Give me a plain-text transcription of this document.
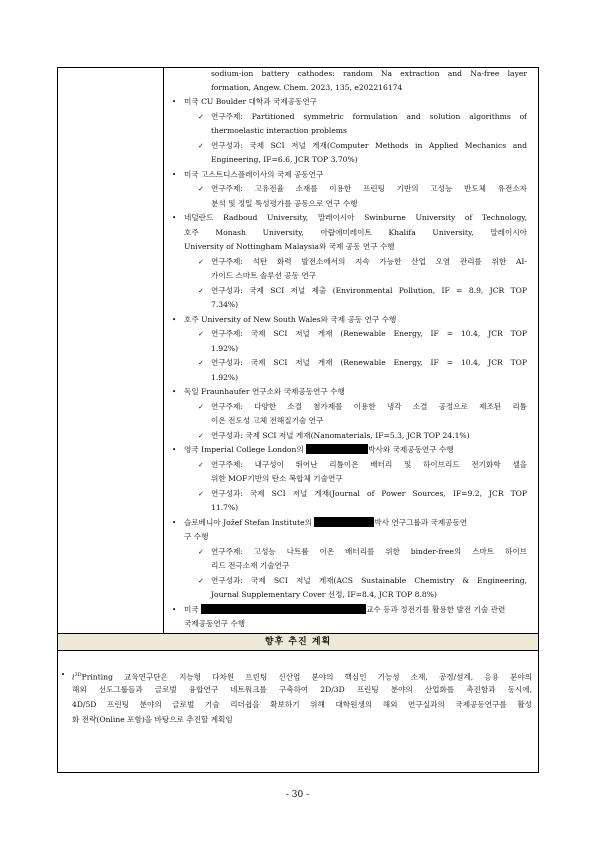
sodium-ion battery cathodes: random Na extraction and Na-free layer
formation, Angew. Chem. 2023, 135, e202216174
• 미국 CU Boulder 대학과 국제공동연구
✓ 연구주제: Partitioned symmetric formulation and solution algorithms of
thermoelastic interaction problems
✓ 연구성과: 국제 SCI 저널 게재(Computer Methods in Applied Mechanics and
Engineering, IF=6.6, JCR TOP 3.70%)
• 미국 고스트디스플레이사의 국제 공동연구
✓ 연구주제: 고유전율 소재를 이용한 프린팅 기반의 고성능 반도체 유전소자
분석 및 정밀 특성평가를 공동으로 연구 수행
• 네덜란드 Radboud University, 말레이시아 Swinburne University of Technology,
호주 Monash University, 아랍에미레이트 Khalifa University, 말레이시아
University of Nottingham Malaysia와 국제 공동 연구 수행
✓ 연구주제: 석탄 화력 발전소에서의 지속 가능한 산업 오염 관리를 위한 AI-
가이드 스마트 솔루션 공동 연구
✓ 연구성과: 국제 SCI 저널 제출 (Environmental Pollution, IF = 8.9, JCR TOP
7.34%)
• 호주 University of New South Wales와 국제 공동 연구 수행
✓ 연구주제: 국제 SCI 저널 게재 (Renewable Energy, IF = 10.4, JCR TOP
1.92%)
✓ 연구성과: 국제 SCI 저널 게재 (Renewable Energy, IF = 10.4, JCR TOP
1.92%)
• 독일 Fraunhaufer 연구소와 국제공동연구 수행
✓ 연구주제: 다양한 소결 첨가제를 이용한 냉각 소결 공정으로 제조된 리튬
이온 전도성 고체 전해질기술 연구
✓ 연구성과: 국제 SCI 저널 게재(Nanomaterials, IF=5.3, JCR TOP 24.1%)
• 영국 Imperial College London의	박사와 국제공동연구 수행
✓ 연구주제: 내구성이 뛰어난 리튬이온 배터리 및 하이브리드 전기화학 셀을
위한 MOF기반의 탄소 복합체 기술연구
✓ 연구성과: 국제 SCI 저널 게재(Journal of Power Sources, IF=9.2, JCR TOP
11.7%)
• 슬로베니아 Jožef Stefan Institute의	박사 연구그룹과 국제공동연
구 수행
✓ 연구주제: 고성능 나트륨 이온 배터리를 위한 binder-free의 스마트 하이브
리드 전극소재 기술연구
✓ 연구성과: 국제 SCI 저널 게재(ACS Sustainable Chemistry & Engineering,
Journal Supplementary Cover 선정, IF=8.4, JCR TOP 8.8%)
• 미국	교수 등과 정전기를 활용한 발전 기술 관련
국제공동연구 수행
향후 추진 계획
• $i^{3D}Printing$ 교육연구단은 지능형 다차원 프린팅 신산업 분야의 핵심인 기능성 소재, 공정/설계, 응용 분야의
해외 선도그룹들과 글로벌 융합연구 네트워크를 구축하여 2D/3D 프린팅 분야의 산업화를 촉진함과 동시에,
4D/5D 프린팅 분야의 글로벌 기술 리더쉽을 확보하기 위해 대학원생의 해외 연구실과의 국제공동연구를 활성
화 전략(Online 포함)을 바탕으로 추진할 계획임
- 30 -
